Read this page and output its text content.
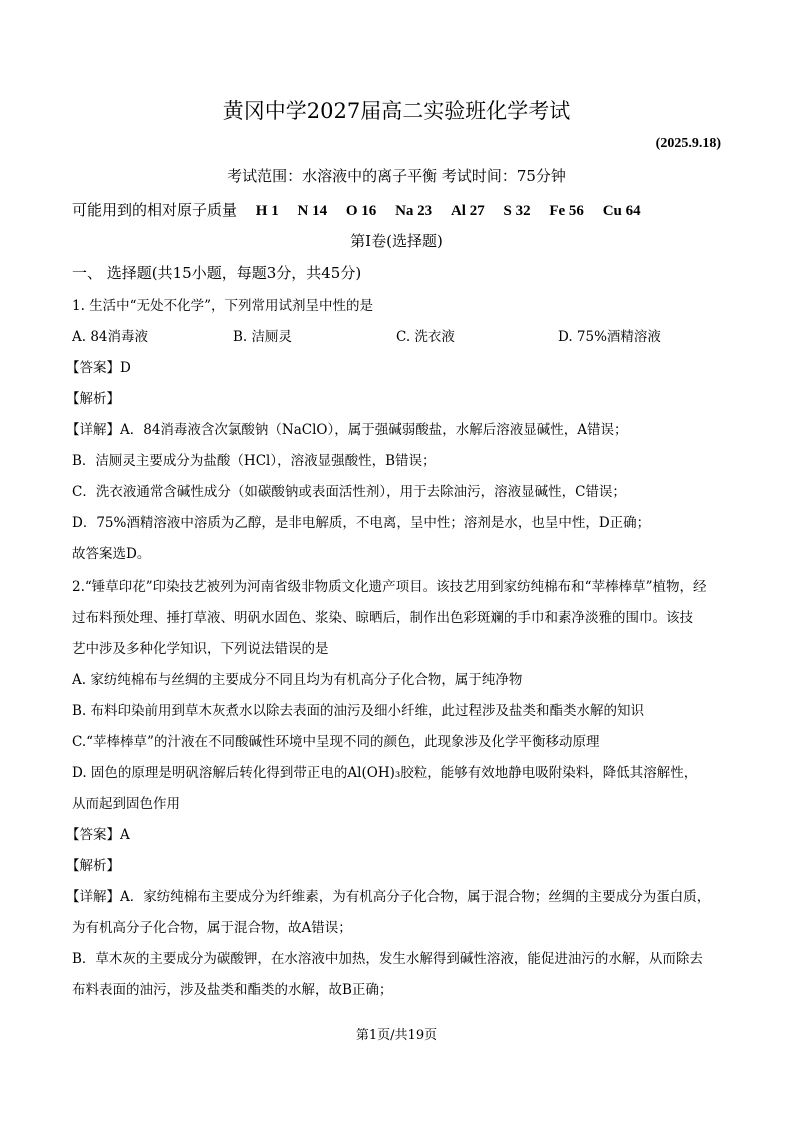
黄冈中学2027届高二实验班化学考试
(2025.9.18)
考试范围：水溶液中的离子平衡 考试时间：75分钟
可能用到的相对原子质量 H 1 N 14 O 16 Na 23 Al 27 S 32 Fe 56 Cu 64
第Ⅰ卷(选择题)
一、 选择题(共15小题，每题3分，共45分)
1. 生活中“无处不化学”，下列常用试剂呈中性的是
A. 84消毒液	B. 洁厕灵	C. 洗衣液	D. 75%酒精溶液
【答案】D
【解析】
【详解】A．84消毒液含次氯酸钠（NaClO），属于强碱弱酸盐，水解后溶液显碱性，A错误；
B．洁厕灵主要成分为盐酸（HCl），溶液显强酸性，B错误；
C．洗衣液通常含碱性成分（如碳酸钠或表面活性剂），用于去除油污，溶液显碱性，C错误；
D．75%酒精溶液中溶质为乙醇，是非电解质，不电离，呈中性；溶剂是水，也呈中性，D正确；
故答案选D。
2.“锤草印花”印染技艺被列为河南省级非物质文化遗产项目。该技艺用到家纺纯棉布和“苹棒棒草”植物，经
过布料预处理、捶打草液、明矾水固色、浆染、晾晒后，制作出色彩斑斓的手巾和素净淡雅的围巾。该技
艺中涉及多种化学知识，下列说法错误的是
A. 家纺纯棉布与丝绸的主要成分不同且均为有机高分子化合物，属于纯净物
B. 布料印染前用到草木灰煮水以除去表面的油污及细小纤维，此过程涉及盐类和酯类水解的知识
C.“苹棒棒草”的汁液在不同酸碱性环境中呈现不同的颜色，此现象涉及化学平衡移动原理
D. 固色的原理是明矾溶解后转化得到带正电的Al(OH)₃胶粒，能够有效地静电吸附染料，降低其溶解性，
从而起到固色作用
【答案】A
【解析】
【详解】A．家纺纯棉布主要成分为纤维素，为有机高分子化合物，属于混合物；丝绸的主要成分为蛋白质，
为有机高分子化合物，属于混合物，故A错误；
B．草木灰的主要成分为碳酸钾，在水溶液中加热，发生水解得到碱性溶液，能促进油污的水解，从而除去
布料表面的油污，涉及盐类和酯类的水解，故B正确；
第1页/共19页
